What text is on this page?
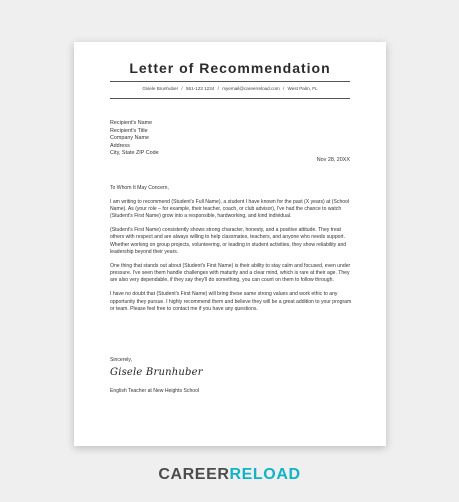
Letter of Recommendation
Gisele Brunhuber / 561-123 1234 / myemail@careerreload.com / West Palm, FL
Recipient's Name
Recipient's Title
Company Name
Address
City, State ZIP Code
Nov 28, 20XX

To Whom It May Concern,

I am writing to recommend (Student's Full Name), a student I have known for the past (X years) at (School Name). As (your role – for example, their teacher, coach, or club advisor), I've had the chance to watch (Student's First Name) grow into a responsible, hardworking, and kind individual.

(Student's First Name) consistently shows strong character, honesty, and a positive attitude. They treat others with respect and are always willing to help classmates, teachers, and anyone who needs support. Whether working on group projects, volunteering, or leading in student activities, they show reliability and leadership beyond their years.

One thing that stands out about (Student's First Name) is their ability to stay calm and focused, even under pressure. I've seen them handle challenges with maturity and a clear mind, which is rare at their age. They are also very dependable, if they say they'll do something, you can count on them to follow through.

I have no doubt that (Student's First Name) will bring these same strong values and work ethic to any opportunity they pursue. I highly recommend them and believe they will be a great addition to your program or team. Please feel free to contact me if you have any questions.

Sincerely,
Gisele Brunhuber
English Teacher at New Heights School
CAREERRELOAD
